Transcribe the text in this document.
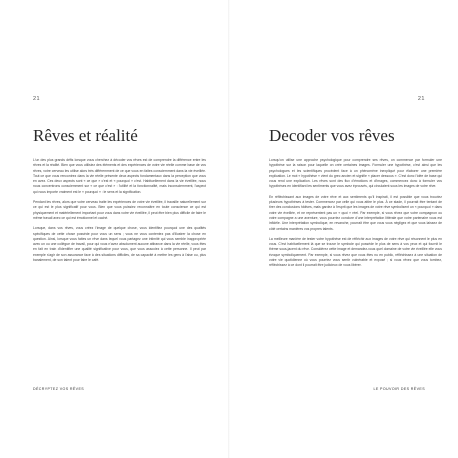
21
Rêves et réalité

L'un des plus grands défis lorsque vous cherchez à décoder vos rêves est de comprendre la différence entre les rêves et la réalité. Bien que vous utilisiez des éléments et des expériences de votre vie réelle comme base de vos rêves, votre cerveau les utilise alors très différemment de ce que vous en faites consciemment dans la vie éveillée. Tout ce que vous rencontrez dans la vie réelle présente deux aspects fondamentaux dans la perception que vous en avez. Ces deux aspects sont « ce que » c'est et « pourquoi » c'est. Habituellement dans la vie éveillée, nous nous concentrons consciemment sur « ce que c'est » : l'utilité et la fonctionnalité, mais inconsciemment, l'aspect qui nous importe vraiment est le « pourquoi » : le sens et la signification.

Pendant les rêves, alors que votre cerveau traite les expériences de votre vie éveillée, il travaille naturellement sur ce qui est le plus significatif pour vous. Bien que vous puissiez reconnaître en toute conscience ce qui est physiquement et matériellement important pour vous dans votre vie éveillée, il peut être bien plus difficile de faire le même travail avec ce qui est émotionnel et caché.

Lorsque, dans vos rêves, vous créez l'image de quelque chose, vous identifiez pourquoi une des qualités spécifiques de cette chose possède pour vous un sens ; vous ne vous contentez pas d'illustrer la chose en question. Ainsi, lorsque vous faites un rêve dans lequel vous partagez une intimité qui vous semble inappropriée avec un ou une collègue de travail, pour qui vous n'avez absolument aucune attirance dans la vie réelle, vous êtes en fait en train d'identifier une qualité significative pour vous, que vous associez à cette personne. Il peut par exemple s'agir de son assurance face à des situations difficiles, de sa capacité à mettre les gens à l'aise ou, plus banalement, de son talent pour faire le café.

DÉCRYPTEZ VOS RÊVES
21
Decoder vos rêves

Lorsqu'on utilise une approche psychologique pour comprendre ses rêves, on commence par formuler une hypothèse sur la raison pour laquelle on crée certaines images. Formuler une hypothèse, c'est ainsi que les psychologues et les scientifiques procèdent face à un phénomène inexpliqué pour élaborer une première explication. Le mot « hypothèse » vient du grec ancien et signifie « placer dessous ». C'est donc l'idée de base qui vous rend une explication. Les rêves sont des flux d'émotions et d'images, commencez donc à formuler vos hypothèses en identifiant les sentiments que vous avez éprouvés, qui circulaient sous les images de votre rêve.

En réfléchissant aux images de votre rêve et aux sentiments qu'il inspirait, il est possible que vous trouviez plusieurs hypothèses à tester. Commencez par celle qui vous attire le plus. À ce stade, il pourrait être tentant de tirer des conclusions hâtives, mais gardez à l'esprit que les images de votre rêve symbolisent un « pourquoi » dans votre vie éveillée, et ne représentent pas un « quoi » réel. Par exemple, si vous rêvez que votre compagnon ou votre compagne a une aventure, vous pourriez conclure d'une interprétation littérale que votre partenaire vous est infidèle. Une interprétation symbolique, en revanche, pourrait être que vous vous négligez et que vous laissez de côté certains manières vos propres talents.

La meilleure manière de tester votre hypothèse est de réfléchir aux images de votre rêve qui résonnent le plus en vous. C'est habituellement là que se trouve le symbole qui possède le plus de sens à vos yeux et qui fournit le thème sous-jacent du rêve. Considérez cette image et demandez-vous quel domaine de votre vie éveillée elle vous évoque symboliquement. Par exemple, si vous rêvez que vous êtes nu en public, réfléchissez à une situation de votre vie quotidienne où vous pourriez vous sentir vulnérable et exposé ; si vous rêvez que vous tombez, réfléchissez à ce dont il pourrait être judicieux de vous libérer.

LE POUVOIR DES RÊVES
